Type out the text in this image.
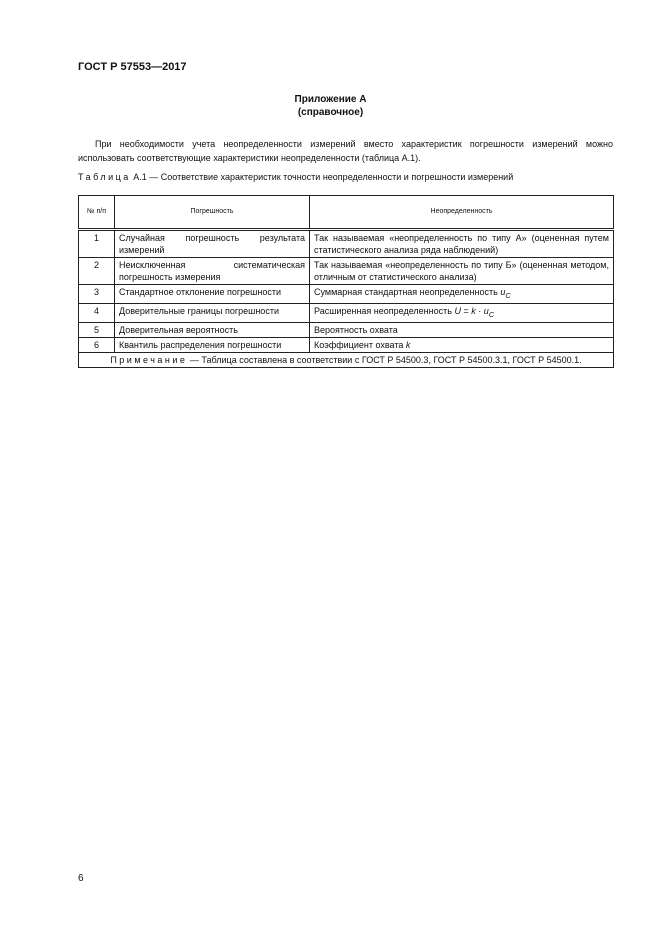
ГОСТ Р 57553—2017
Приложение А
(справочное)
При необходимости учета неопределенности измерений вместо характеристик погрешности измерений можно использовать соответствующие характеристики неопределенности (таблица А.1).
Таблица А.1 — Соответствие характеристик точности неопределенности и погрешности измерений
№ п/п	Погрешность	Неопределенность
1	Случайная погрешность результата измерений	Так называемая «неопределенность по типу А» (оцененная путем статистического анализа ряда наблюдений)
2	Неисключенная систематическая погрешность измерения	Так называемая «неопределенность по типу Б» (оцененная методом, отличным от статистического анализа)
3	Стандартное отклонение погрешности	Суммарная стандартная неопределенность $u_C$
4	Доверительные границы погрешности	Расширенная неопределенность $U = k \cdot u_C$
5	Доверительная вероятность	Вероятность охвата
6	Квантиль распределения погрешности	Коэффициент охвата k
Примечание — Таблица составлена в соответствии с ГОСТ Р 54500.3, ГОСТ Р 54500.3.1, ГОСТ Р 54500.1.		
6
